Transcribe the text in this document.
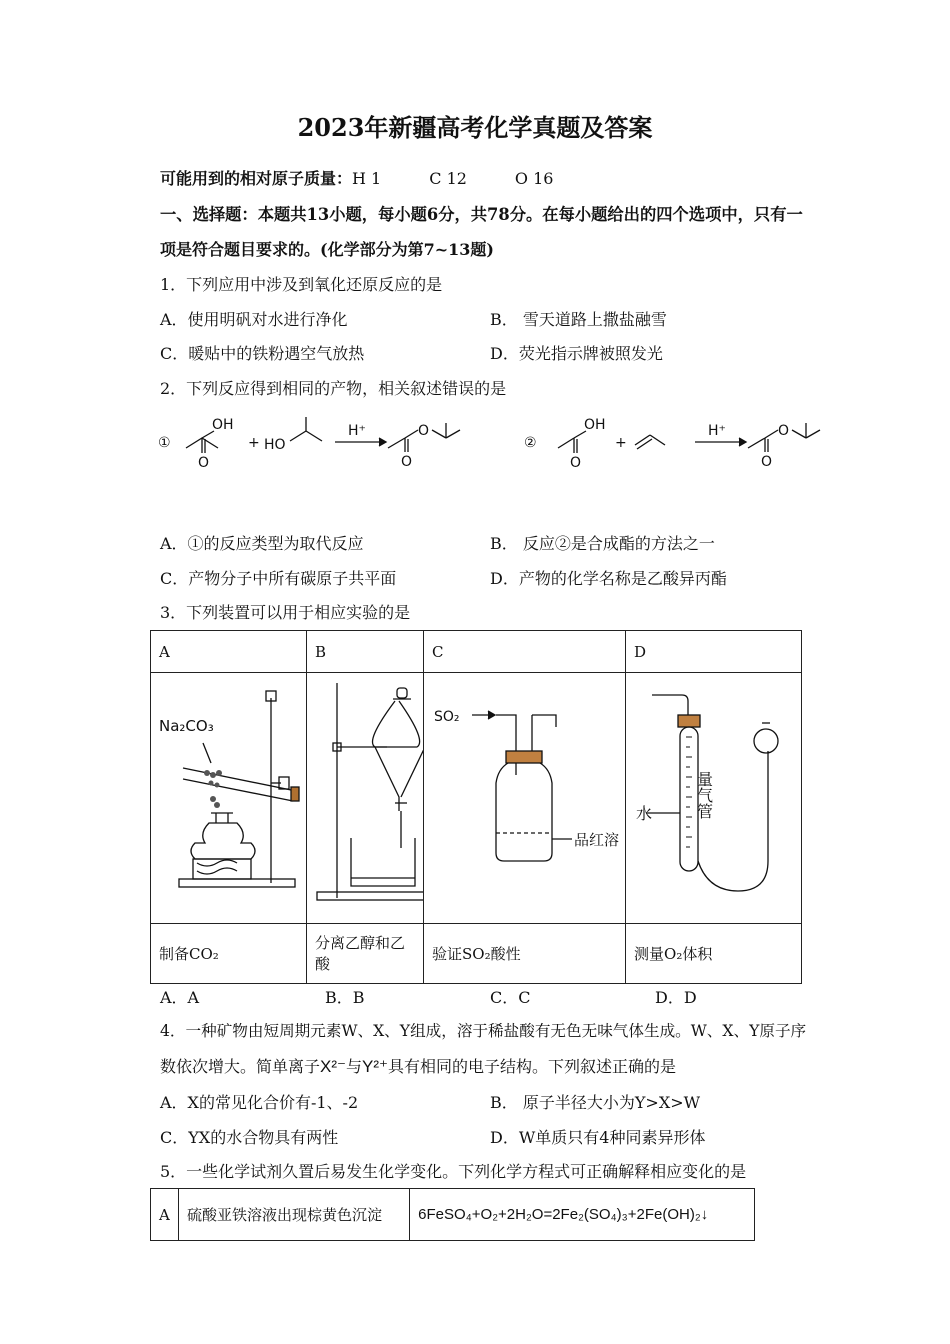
2023年新疆高考化学真题及答案
可能用到的相对原子质量：H 1	C 12	O 16
一、选择题：本题共13小题，每小题6分，共78分。在每小题给出的四个选项中，只有一
项是符合题目要求的。(化学部分为第7~13题)
1．下列应用中涉及到氧化还原反应的是
A．使用明矾对水进行净化	B． 雪天道路上撒盐融雪
C．暖贴中的铁粉遇空气放热	D．荧光指示牌被照发光
2．下列反应得到相同的产物，相关叙述错误的是
①
OH
O
+ HO
H⁺	O
O
②
OH
O
+
H⁺	O
O
A．①的反应类型为取代反应	B． 反应②是合成酯的方法之一
C．产物分子中所有碳原子共平面	D．产物的化学名称是乙酸异丙酯
3．下列装置可以用于相应实验的是
A	B	C	D

Na₂CO₃		SO₂
品红溶	水 量气管

制备CO₂	分离乙醇和乙酸	验证SO₂酸性	测量O₂体积
A．A	B．B	C．C	D．D
4．一种矿物由短周期元素W、X、Y组成，溶于稀盐酸有无色无味气体生成。W、X、Y原子序
数依次增大。简单离子X²⁻与Y²⁺具有相同的电子结构。下列叙述正确的是
A．X的常见化合价有-1、-2	B． 原子半径大小为Y>X>W
C．YX的水合物具有两性	D．W单质只有4种同素异形体
5．一些化学试剂久置后易发生化学变化。下列化学方程式可正确解释相应变化的是
A	硫酸亚铁溶液出现棕黄色沉淀	6FeSO₄+O₂+2H₂O=2Fe₂(SO₄)₃+2Fe(OH)₂↓
